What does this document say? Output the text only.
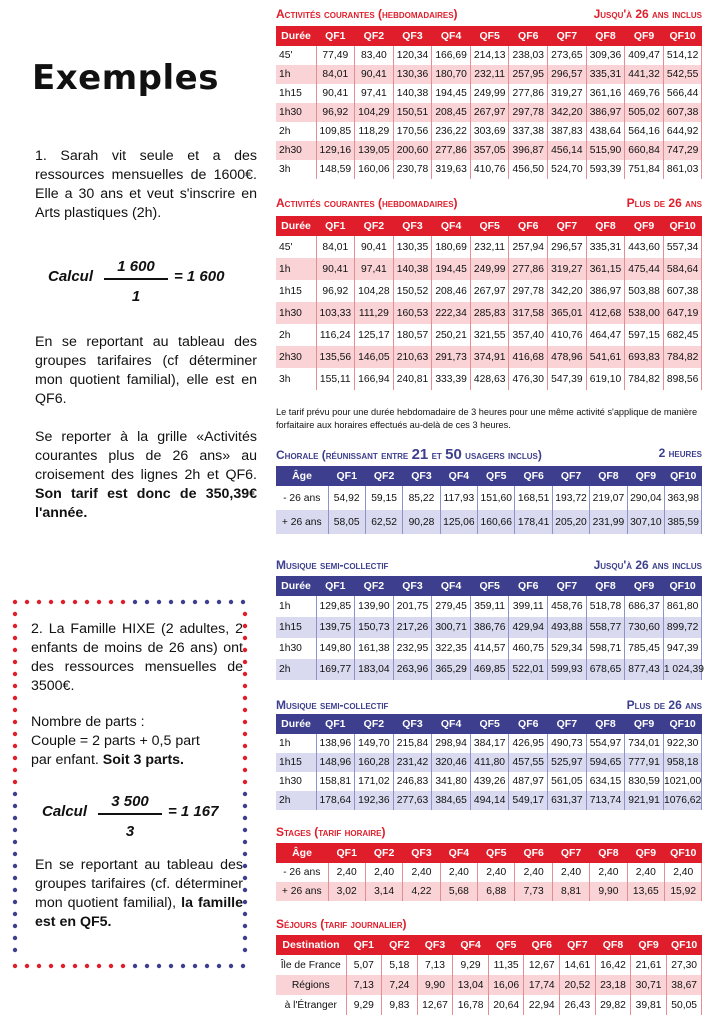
Exemples
1. Sarah vit seule et a des ressources mensuelles de 1600€. Elle a 30 ans et veut s'inscrire en Arts plastiques (2h).
Calcul
1 600
1
= 1 600
En se reportant au tableau des groupes tarifaires (cf déterminer mon quotient familial), elle est en QF6.
Se reporter à la grille «Activités courantes plus de 26 ans» au croisement des lignes 2h et QF6. Son tarif est donc de 350,39€ l'année.
2. La Famille HIXE (2 adultes, 2 enfants de moins de 26 ans) ont des ressources mensuelles de 3500€.
Nombre de parts :
Couple = 2 parts + 0,5 part
par enfant. Soit 3 parts.
Calcul
3 500
3
= 1 167
En se reportant au tableau des groupes tarifaires (cf. déterminer mon quotient familial), la famille est en QF5.
Activités courantes (hebdomadaires)	Jusqu'à 26 ans inclus
Durée	QF1	QF2	QF3	QF4	QF5	QF6	QF7	QF8	QF9	QF10
45'	77,49	83,40	120,34	166,69	214,13	238,03	273,65	309,36	409,47	514,12
1h	84,01	90,41	130,36	180,70	232,11	257,95	296,57	335,31	441,32	542,55
1h15	90,41	97,41	140,38	194,45	249,99	277,86	319,27	361,16	469,76	566,44
1h30	96,92	104,29	150,51	208,45	267,97	297,78	342,20	386,97	505,02	607,38
2h	109,85	118,29	170,56	236,22	303,69	337,38	387,83	438,64	564,16	644,92
2h30	129,16	139,05	200,60	277,86	357,05	396,87	456,14	515,90	660,84	747,29
3h	148,59	160,06	230,78	319,63	410,76	456,50	524,70	593,39	751,84	861,03
Activités courantes (hebdomadaires)	Plus de 26 ans
Durée	QF1	QF2	QF3	QF4	QF5	QF6	QF7	QF8	QF9	QF10
45'	84,01	90,41	130,35	180,69	232,11	257,94	296,57	335,31	443,60	557,34
1h	90,41	97,41	140,38	194,45	249,99	277,86	319,27	361,15	475,44	584,64
1h15	96,92	104,28	150,52	208,46	267,97	297,78	342,20	386,97	503,88	607,38
1h30	103,33	111,29	160,53	222,34	285,83	317,58	365,01	412,68	538,00	647,19
2h	116,24	125,17	180,57	250,21	321,55	357,40	410,76	464,47	597,15	682,45
2h30	135,56	146,05	210,63	291,73	374,91	416,68	478,96	541,61	693,83	784,82
3h	155,11	166,94	240,81	333,39	428,63	476,30	547,39	619,10	784,82	898,56
Le tarif prévu pour une durée hebdomadaire de 3 heures pour une même activité s'applique de manière forfaitaire aux horaires effectués au-delà de ces 3 heures.
Chorale (réunissant entre 21 et 50 usagers inclus)	2 heures
Âge	QF1	QF2	QF3	QF4	QF5	QF6	QF7	QF8	QF9	QF10
- 26 ans	54,92	59,15	85,22	117,93	151,60	168,51	193,72	219,07	290,04	363,98
+ 26 ans	58,05	62,52	90,28	125,06	160,66	178,41	205,20	231,99	307,10	385,59
Musique semi-collectif	Jusqu'à 26 ans inclus
Durée	QF1	QF2	QF3	QF4	QF5	QF6	QF7	QF8	QF9	QF10
1h	129,85	139,90	201,75	279,45	359,11	399,11	458,76	518,78	686,37	861,80
1h15	139,75	150,73	217,26	300,71	386,76	429,94	493,88	558,77	730,60	899,72
1h30	149,80	161,38	232,95	322,35	414,57	460,75	529,34	598,71	785,45	947,39
2h	169,77	183,04	263,96	365,29	469,85	522,01	599,93	678,65	877,43	1 024,39
Musique semi-collectif	Plus de 26 ans
Durée	QF1	QF2	QF3	QF4	QF5	QF6	QF7	QF8	QF9	QF10
1h	138,96	149,70	215,84	298,94	384,17	426,95	490,73	554,97	734,01	922,30
1h15	148,96	160,28	231,42	320,46	411,80	457,55	525,97	594,65	777,91	958,18
1h30	158,81	171,02	246,83	341,80	439,26	487,97	561,05	634,15	830,59	1021,00
2h	178,64	192,36	277,63	384,65	494,14	549,17	631,37	713,74	921,91	1076,62
Stages (tarif horaire)
Âge	QF1	QF2	QF3	QF4	QF5	QF6	QF7	QF8	QF9	QF10
- 26 ans	2,40	2,40	2,40	2,40	2,40	2,40	2,40	2,40	2,40	2,40
+ 26 ans	3,02	3,14	4,22	5,68	6,88	7,73	8,81	9,90	13,65	15,92
Séjours (tarif journalier)
Destination	QF1	QF2	QF3	QF4	QF5	QF6	QF7	QF8	QF9	QF10
Île de France	5,07	5,18	7,13	9,29	11,35	12,67	14,61	16,42	21,61	27,30
Régions	7,13	7,24	9,90	13,04	16,06	17,74	20,52	23,18	30,71	38,67
à l'Étranger	9,29	9,83	12,67	16,78	20,64	22,94	26,43	29,82	39,81	50,05
